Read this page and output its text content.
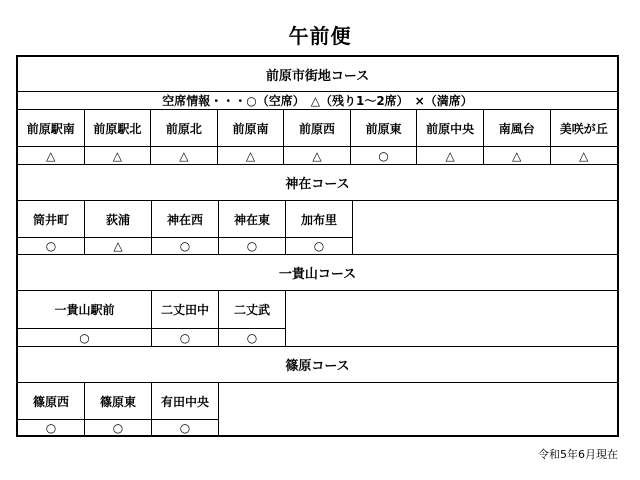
午前便
前原市街地コース
空席情報・・・○（空席）　△（残り1～2席）　×（満席）
前原駅南	前原駅北	前原北	前原南	前原西	前原東	前原中央	南風台	美咲が丘
△	△	△	△	△	○	△	△	△
神在コース
筒井町	荻浦	神在西	神在東	加布里
○	△	○	○	○
一貴山コース
一貴山駅前	二丈田中	二丈武
○	○	○
篠原コース
篠原西	篠原東	有田中央
○	○	○
令和5年6月現在
